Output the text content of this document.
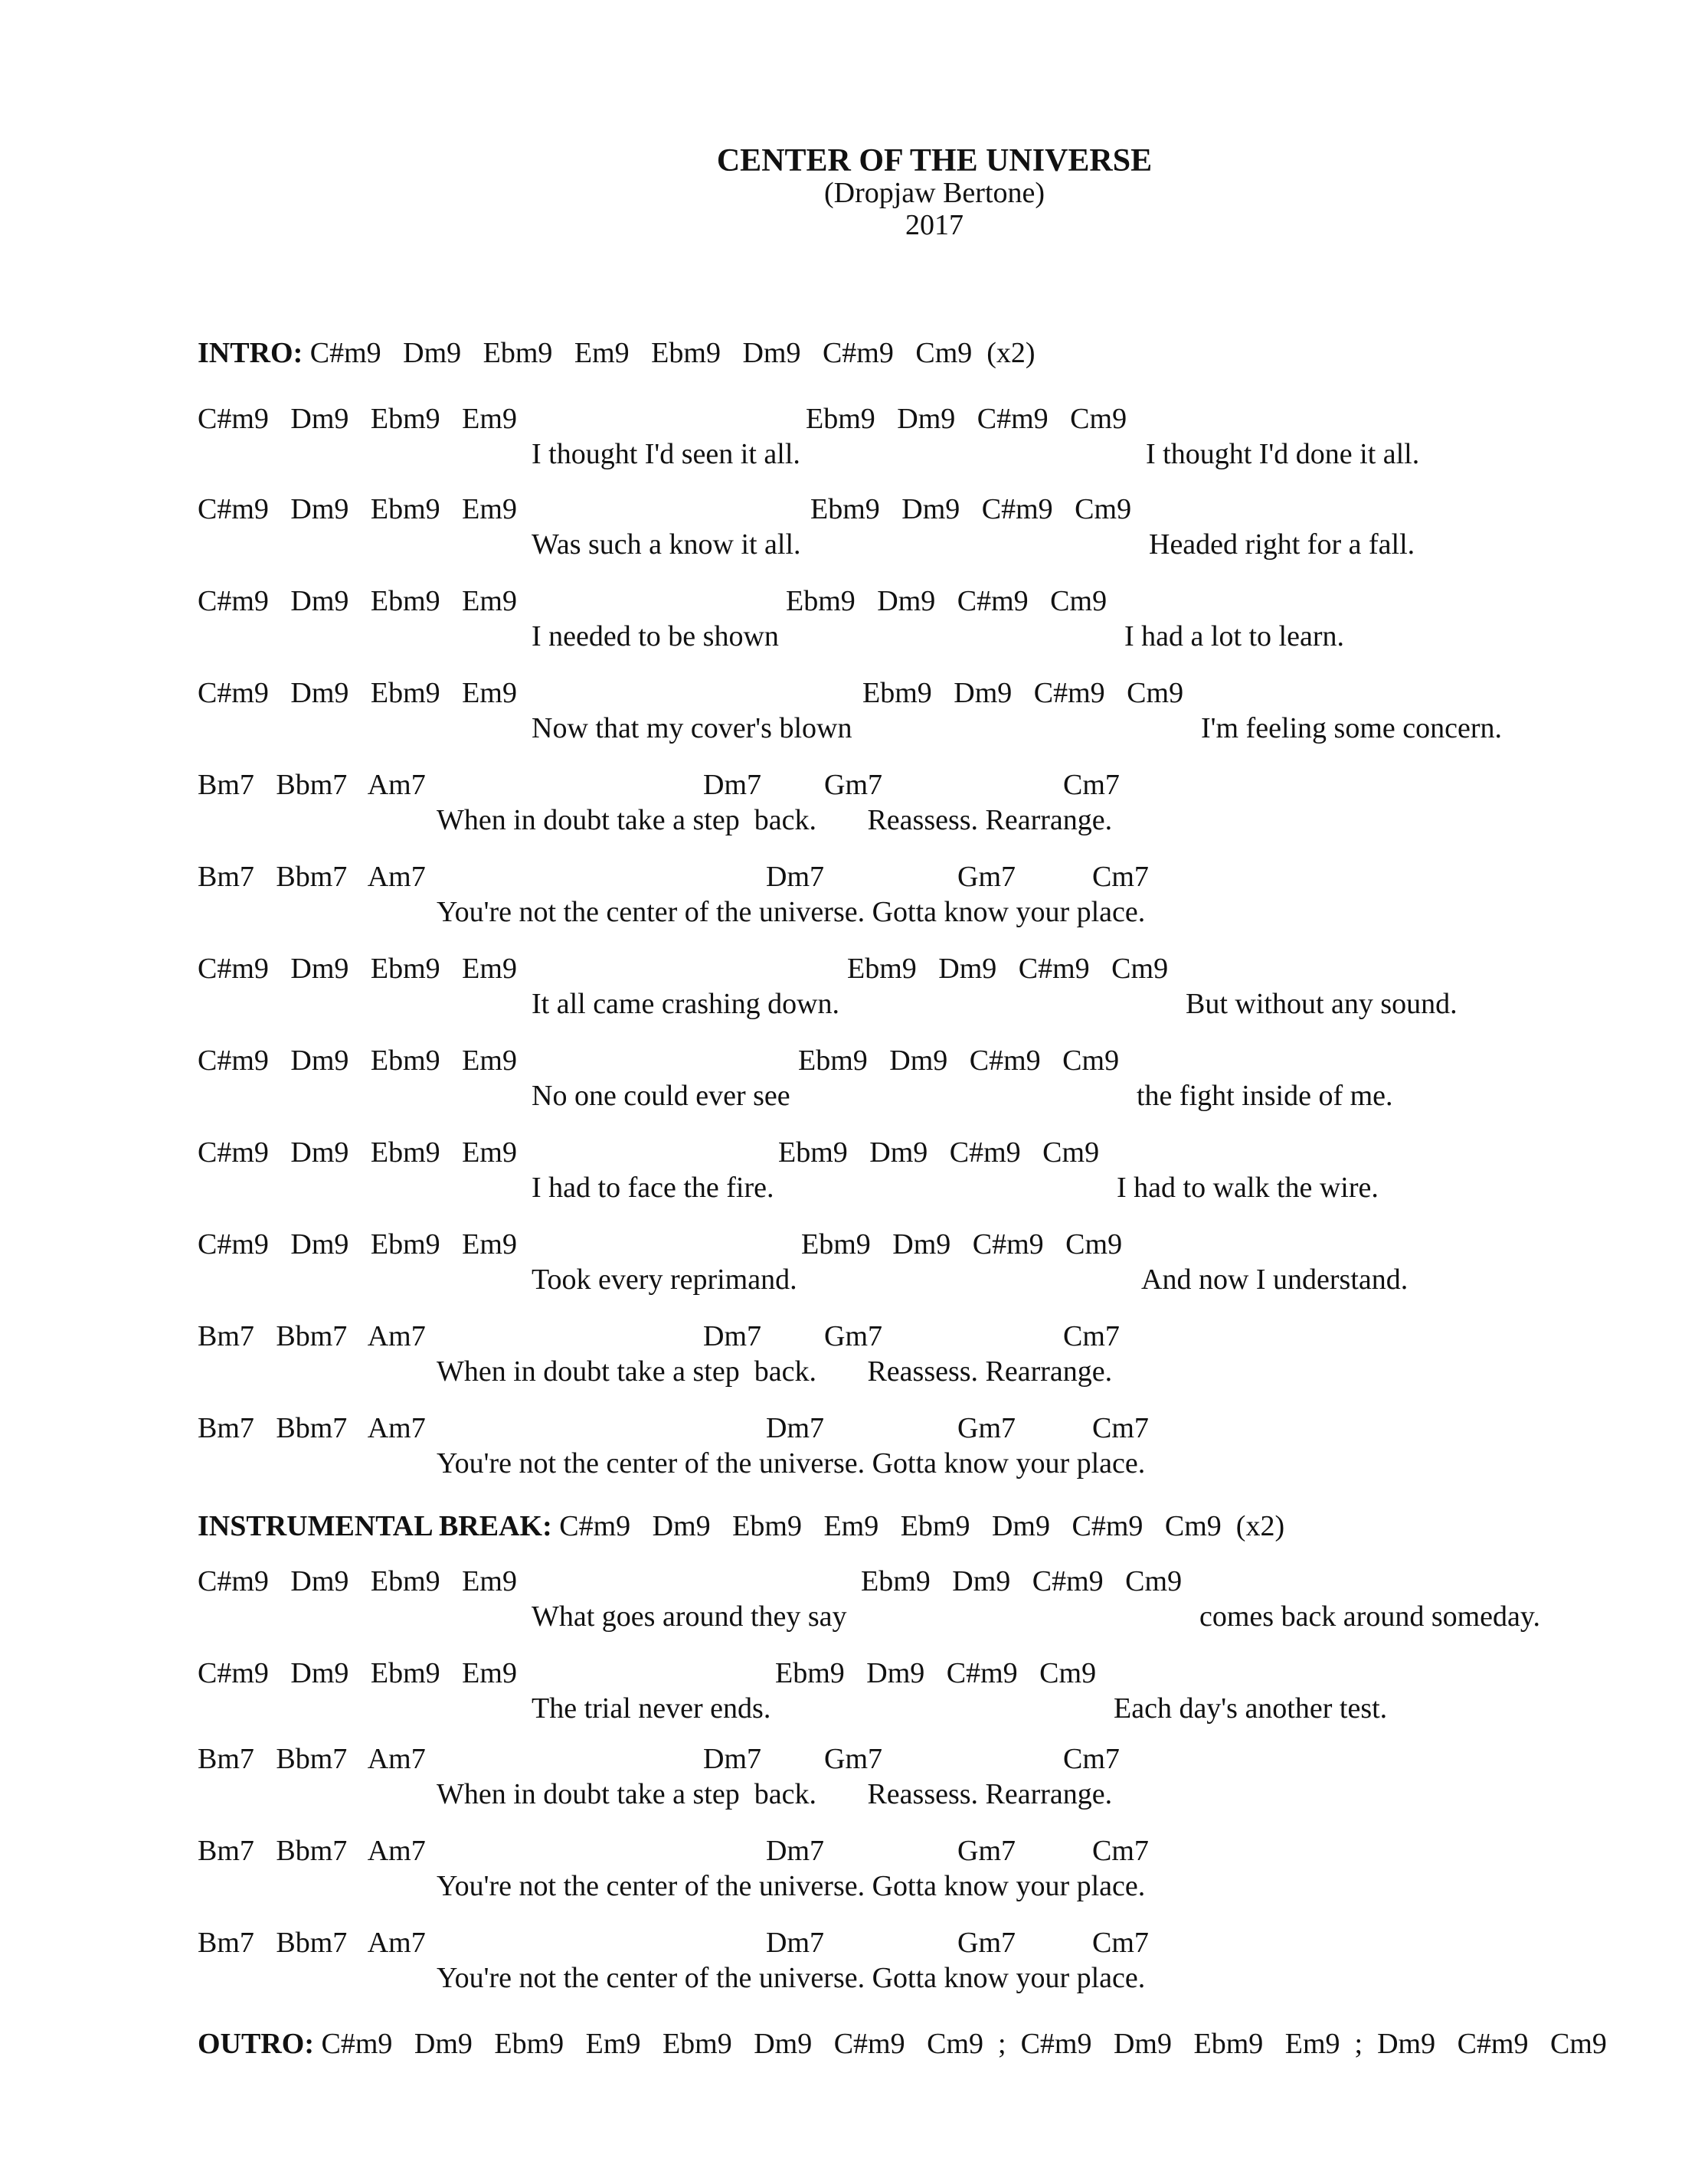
CENTER OF THE UNIVERSE
(Dropjaw Bertone)
2017
INTRO: C#m9   Dm9   Ebm9   Em9   Ebm9   Dm9   C#m9   Cm9  (x2)
INSTRUMENTAL BREAK: C#m9   Dm9   Ebm9   Em9   Ebm9   Dm9   C#m9   Cm9  (x2)
OUTRO: C#m9   Dm9   Ebm9   Em9   Ebm9   Dm9   C#m9   Cm9  ;  C#m9   Dm9   Ebm9   Em9  ;  Dm9   C#m9   Cm9
C#m9   Dm9   Ebm9   Em9	Ebm9   Dm9   C#m9   Cm9
I thought I'd seen it all.	I thought I'd done it all.
C#m9   Dm9   Ebm9   Em9	Ebm9   Dm9   C#m9   Cm9
Was such a know it all.	Headed right for a fall.
C#m9   Dm9   Ebm9   Em9	Ebm9   Dm9   C#m9   Cm9
I needed to be shown	I had a lot to learn.
C#m9   Dm9   Ebm9   Em9	Ebm9   Dm9   C#m9   Cm9
Now that my cover's blown	I'm feeling some concern.
C#m9   Dm9   Ebm9   Em9	Ebm9   Dm9   C#m9   Cm9
It all came crashing down.	But without any sound.
C#m9   Dm9   Ebm9   Em9	Ebm9   Dm9   C#m9   Cm9
No one could ever see	the fight inside of me.
C#m9   Dm9   Ebm9   Em9	Ebm9   Dm9   C#m9   Cm9
I had to face the fire.	I had to walk the wire.
C#m9   Dm9   Ebm9   Em9	Ebm9   Dm9   C#m9   Cm9
Took every reprimand.	And now I understand.
C#m9   Dm9   Ebm9   Em9	Ebm9   Dm9   C#m9   Cm9
What goes around they say	comes back around someday.
C#m9   Dm9   Ebm9   Em9	Ebm9   Dm9   C#m9   Cm9
The trial never ends.	Each day's another test.
Bm7   Bbm7   Am7	Dm7 Gm7	Cm7
When in doubt take a step  back.       Reassess. Rearrange.
Bm7   Bbm7   Am7	Dm7	Gm7	Cm7
You're not the center of the universe. Gotta know your place.
Bm7   Bbm7   Am7	Dm7 Gm7	Cm7
When in doubt take a step  back.       Reassess. Rearrange.
Bm7   Bbm7   Am7	Dm7	Gm7	Cm7
You're not the center of the universe. Gotta know your place.
Bm7   Bbm7   Am7	Dm7 Gm7	Cm7
When in doubt take a step  back.       Reassess. Rearrange.
Bm7   Bbm7   Am7	Dm7	Gm7	Cm7
You're not the center of the universe. Gotta know your place.
Bm7   Bbm7   Am7	Dm7	Gm7	Cm7
You're not the center of the universe. Gotta know your place.
